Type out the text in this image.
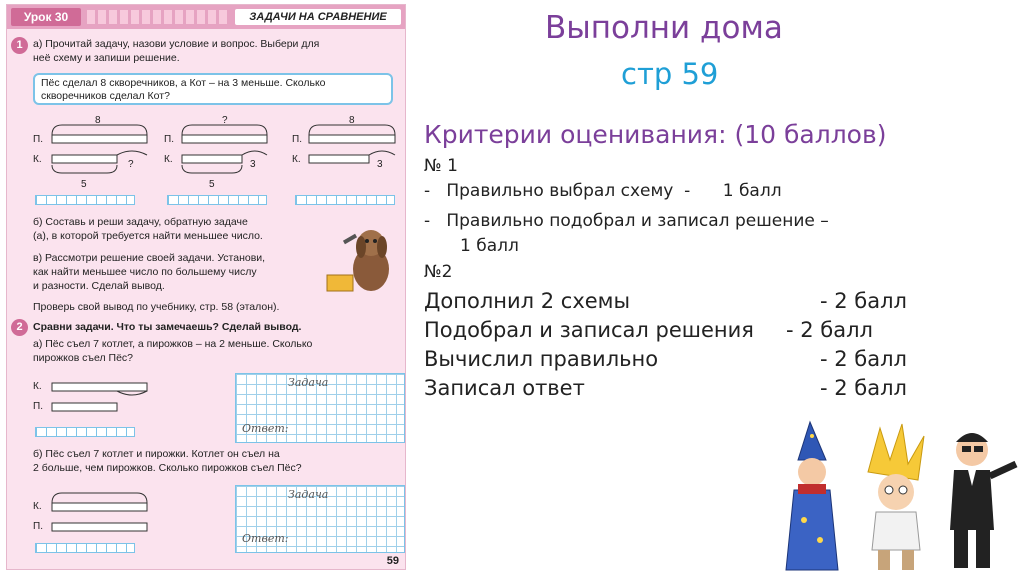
Урок 30	ЗАДАЧИ НА СРАВНЕНИЕ
1 а) Прочитай задачу, назови условие и вопрос. Выбери для
неё схему и запиши решение.
Пёс сделал 8 скворечников, а Кот – на 3 меньше. Сколько
скворечников сделал Кот?
П.
К.
8
?
5
П.
К.
?
3
5
П.
К.
8
3
б) Составь и реши задачу, обратную задаче
(а), в которой требуется найти меньшее число.
в) Рассмотри решение своей задачи. Установи,
как найти меньшее число по большему числу
и разности. Сделай вывод.
Проверь свой вывод по учебнику, стр. 58 (эталон).
2 Сравни задачи. Что ты замечаешь? Сделай вывод.
а) Пёс съел 7 котлет, а пирожков – на 2 меньше. Сколько
пирожков съел Пёс?
К.
П.
Задача
Ответ:
б) Пёс съел 7 котлет и пирожки. Котлет он съел на
2 больше, чем пирожков. Сколько пирожков съел Пёс?
К.
П.
Задача
Ответ:
59
Выполни дома
стр 59
Критерии оценивания: (10 баллов)
№ 1
-   Правильно выбрал схему  -      1 балл
-   Правильно подобрал и записал решение –
1 балл
№2
Дополнил 2 схемы	- 2 балл
Подобрал и записал решения - 2 балл
Вычислил правильно	- 2 балл
Записал ответ	- 2 балл
